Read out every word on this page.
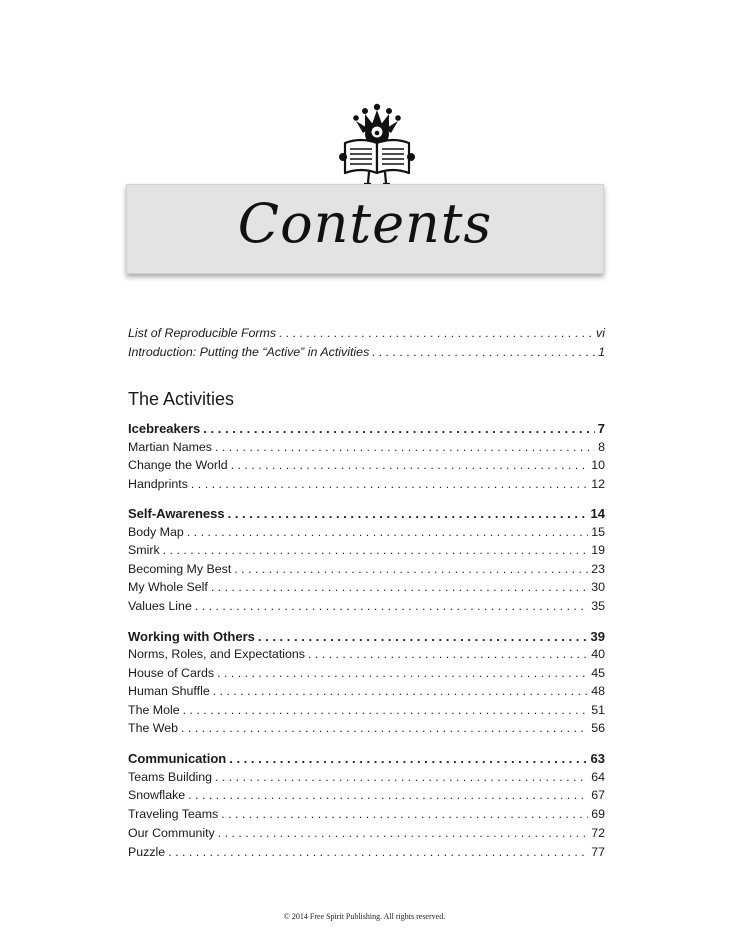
Contents
List of Reproducible Forms . . .	vi
Introduction: Putting the “Active” in Activities . . .	1
The Activities
Icebreakers . . .	7
Martian Names . . .	8
Change the World . . .	10
Handprints . . .	12
Self-Awareness . . .	14
Body Map . . .	15
Smirk . . .	19
Becoming My Best . . .	23
My Whole Self . . .	30
Values Line . . .	35
Working with Others . . .	39
Norms, Roles, and Expectations . . .	40
House of Cards . . .	45
Human Shuffle . . .	48
The Mole . . .	51
The Web . . .	56
Communication . . .	63
Teams Building . . .	64
Snowflake . . .	67
Traveling Teams . . .	69
Our Community . . .	72
Puzzle . . .	77
© 2014 Free Spirit Publishing. All rights reserved.
